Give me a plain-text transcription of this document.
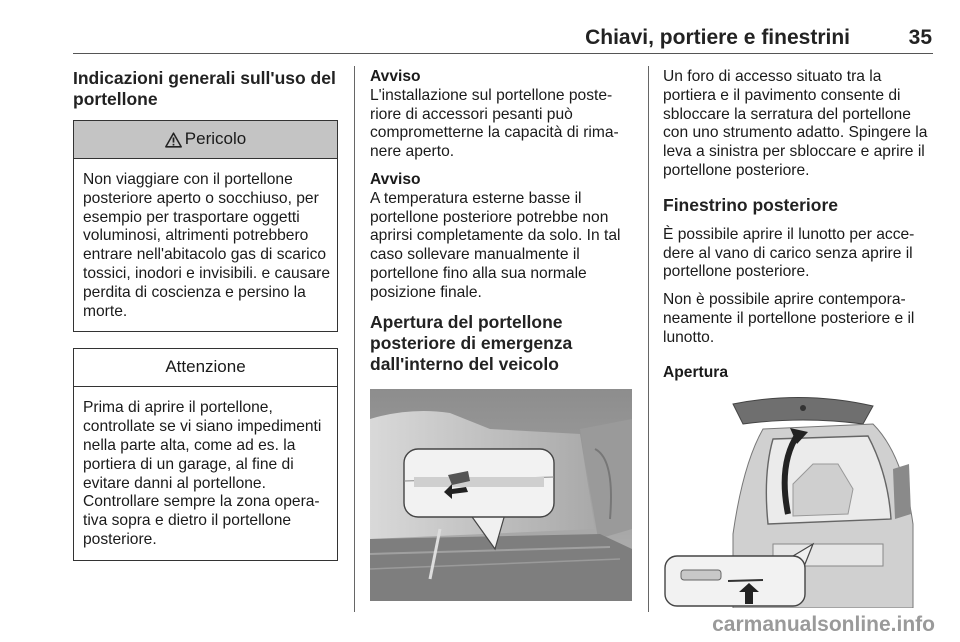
Chiavi, portiere e finestrini	35
Indicazioni generali sull'uso del portellone
Pericolo
Non viaggiare con il portellone posteriore aperto o socchiuso, per esempio per trasportare oggetti voluminosi, altrimenti potrebbero entrare nell'abitacolo gas di scarico tossici, inodori e invisibili. e causare perdita di coscienza e persino la morte.
Attenzione
Prima di aprire il portellone, controllate se vi siano impedimenti nella parte alta, come ad es. la portiera di un garage, al fine di evitare danni al portellone. Controllare sempre la zona opera-tiva sopra e dietro il portellone posteriore.

Avviso
L'installazione sul portellone poste-riore di accessori pesanti può comprometterne la capacità di rima-nere aperto.

Avviso
A temperatura esterne basse il portellone posteriore potrebbe non aprirsi completamente da solo. In tal caso sollevare manualmente il portellone fino alla sua normale posizione finale.

Apertura del portellone posteriore di emergenza dall'interno del veicolo

Un foro di accesso situato tra la portiera e il pavimento consente di sbloccare la serratura del portellone con uno strumento adatto. Spingere la leva a sinistra per sbloccare e aprire il portellone posteriore.

Finestrino posteriore

È possibile aprire il lunotto per acce-dere al vano di carico senza aprire il portellone posteriore.

Non è possibile aprire contempora-neamente il portellone posteriore e il lunotto.

Apertura
carmanualsonline.info
